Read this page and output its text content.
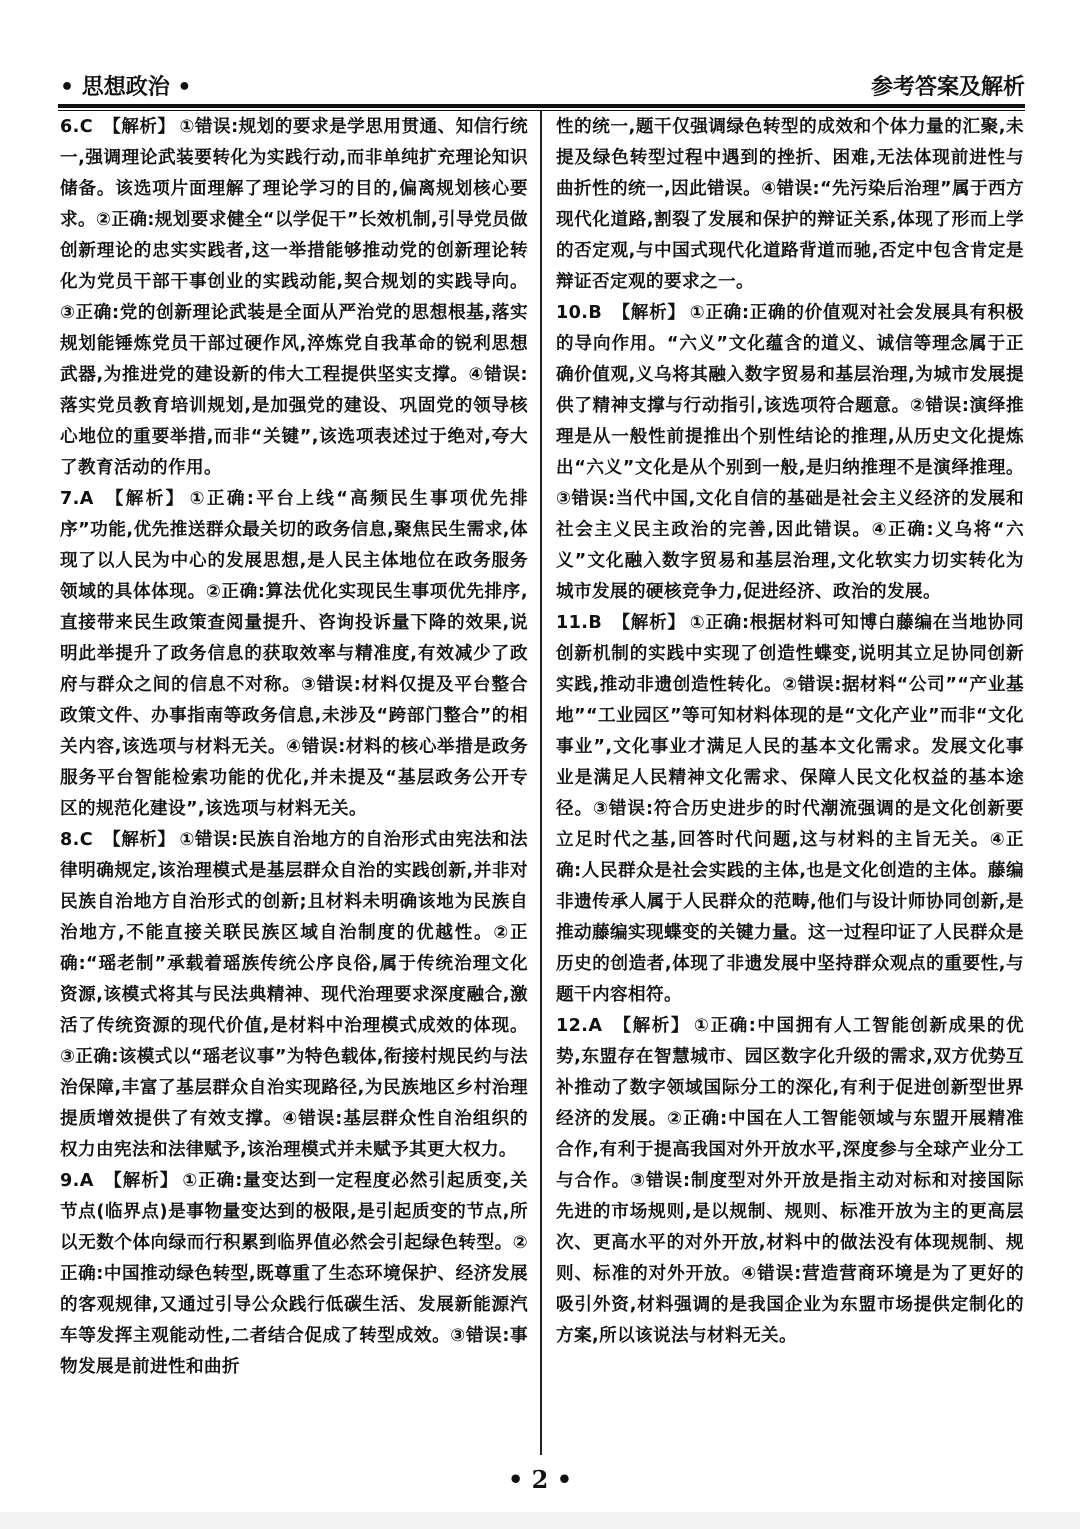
• 思想政治 •	参考答案及解析

6.C 【解析】 ①错误:规划的要求是学思用贯通、知信行统一,强调理论武装要转化为实践行动,而非单纯扩充理论知识储备。该选项片面理解了理论学习的目的,偏离规划核心要求。②正确:规划要求健全“以学促干”长效机制,引导党员做创新理论的忠实实践者,这一举措能够推动党的创新理论转化为党员干部干事创业的实践动能,契合规划的实践导向。③正确:党的创新理论武装是全面从严治党的思想根基,落实规划能锤炼党员干部过硬作风,淬炼党自我革命的锐利思想武器,为推进党的建设新的伟大工程提供坚实支撑。④错误:落实党员教育培训规划,是加强党的建设、巩固党的领导核心地位的重要举措,而非“关键”,该选项表述过于绝对,夸大了教育活动的作用。

7.A 【解析】 ①正确:平台上线“高频民生事项优先排序”功能,优先推送群众最关切的政务信息,聚焦民生需求,体现了以人民为中心的发展思想,是人民主体地位在政务服务领域的具体体现。②正确:算法优化实现民生事项优先排序,直接带来民生政策查阅量提升、咨询投诉量下降的效果,说明此举提升了政务信息的获取效率与精准度,有效减少了政府与群众之间的信息不对称。③错误:材料仅提及平台整合政策文件、办事指南等政务信息,未涉及“跨部门整合”的相关内容,该选项与材料无关。④错误:材料的核心举措是政务服务平台智能检索功能的优化,并未提及“基层政务公开专区的规范化建设”,该选项与材料无关。

8.C 【解析】 ①错误:民族自治地方的自治形式由宪法和法律明确规定,该治理模式是基层群众自治的实践创新,并非对民族自治地方自治形式的创新;且材料未明确该地为民族自治地方,不能直接关联民族区域自治制度的优越性。②正确:“瑶老制”承载着瑶族传统公序良俗,属于传统治理文化资源,该模式将其与民法典精神、现代治理要求深度融合,激活了传统资源的现代价值,是材料中治理模式成效的体现。③正确:该模式以“瑶老议事”为特色载体,衔接村规民约与法治保障,丰富了基层群众自治实现路径,为民族地区乡村治理提质增效提供了有效支撑。④错误:基层群众性自治组织的权力由宪法和法律赋予,该治理模式并未赋予其更大权力。

9.A 【解析】 ①正确:量变达到一定程度必然引起质变,关节点(临界点)是事物量变达到的极限,是引起质变的节点,所以无数个体向绿而行积累到临界值必然会引起绿色转型。②正确:中国推动绿色转型,既尊重了生态环境保护、经济发展的客观规律,又通过引导公众践行低碳生活、发展新能源汽车等发挥主观能动性,二者结合促成了转型成效。③错误:事物发展是前进性和曲折

性的统一,题干仅强调绿色转型的成效和个体力量的汇聚,未提及绿色转型过程中遇到的挫折、困难,无法体现前进性与曲折性的统一,因此错误。④错误:“先污染后治理”属于西方现代化道路,割裂了发展和保护的辩证关系,体现了形而上学的否定观,与中国式现代化道路背道而驰,否定中包含肯定是辩证否定观的要求之一。

10.B 【解析】 ①正确:正确的价值观对社会发展具有积极的导向作用。“六义”文化蕴含的道义、诚信等理念属于正确价值观,义乌将其融入数字贸易和基层治理,为城市发展提供了精神支撑与行动指引,该选项符合题意。②错误:演绎推理是从一般性前提推出个别性结论的推理,从历史文化提炼出“六义”文化是从个别到一般,是归纳推理不是演绎推理。③错误:当代中国,文化自信的基础是社会主义经济的发展和社会主义民主政治的完善,因此错误。④正确:义乌将“六义”文化融入数字贸易和基层治理,文化软实力切实转化为城市发展的硬核竞争力,促进经济、政治的发展。

11.B 【解析】 ①正确:根据材料可知博白藤编在当地协同创新机制的实践中实现了创造性蝶变,说明其立足协同创新实践,推动非遗创造性转化。②错误:据材料“公司”“产业基地”“工业园区”等可知材料体现的是“文化产业”而非“文化事业”,文化事业才满足人民的基本文化需求。发展文化事业是满足人民精神文化需求、保障人民文化权益的基本途径。③错误:符合历史进步的时代潮流强调的是文化创新要立足时代之基,回答时代问题,这与材料的主旨无关。④正确:人民群众是社会实践的主体,也是文化创造的主体。藤编非遗传承人属于人民群众的范畴,他们与设计师协同创新,是推动藤编实现蝶变的关键力量。这一过程印证了人民群众是历史的创造者,体现了非遗发展中坚持群众观点的重要性,与题干内容相符。

12.A 【解析】 ①正确:中国拥有人工智能创新成果的优势,东盟存在智慧城市、园区数字化升级的需求,双方优势互补推动了数字领域国际分工的深化,有利于促进创新型世界经济的发展。②正确:中国在人工智能领域与东盟开展精准合作,有利于提高我国对外开放水平,深度参与全球产业分工与合作。③错误:制度型对外开放是指主动对标和对接国际先进的市场规则,是以规制、规则、标准开放为主的更高层次、更高水平的对外开放,材料中的做法没有体现规制、规则、标准的对外开放。④错误:营造营商环境是为了更好的吸引外资,材料强调的是我国企业为东盟市场提供定制化的方案,所以该说法与材料无关。

• 2 •
